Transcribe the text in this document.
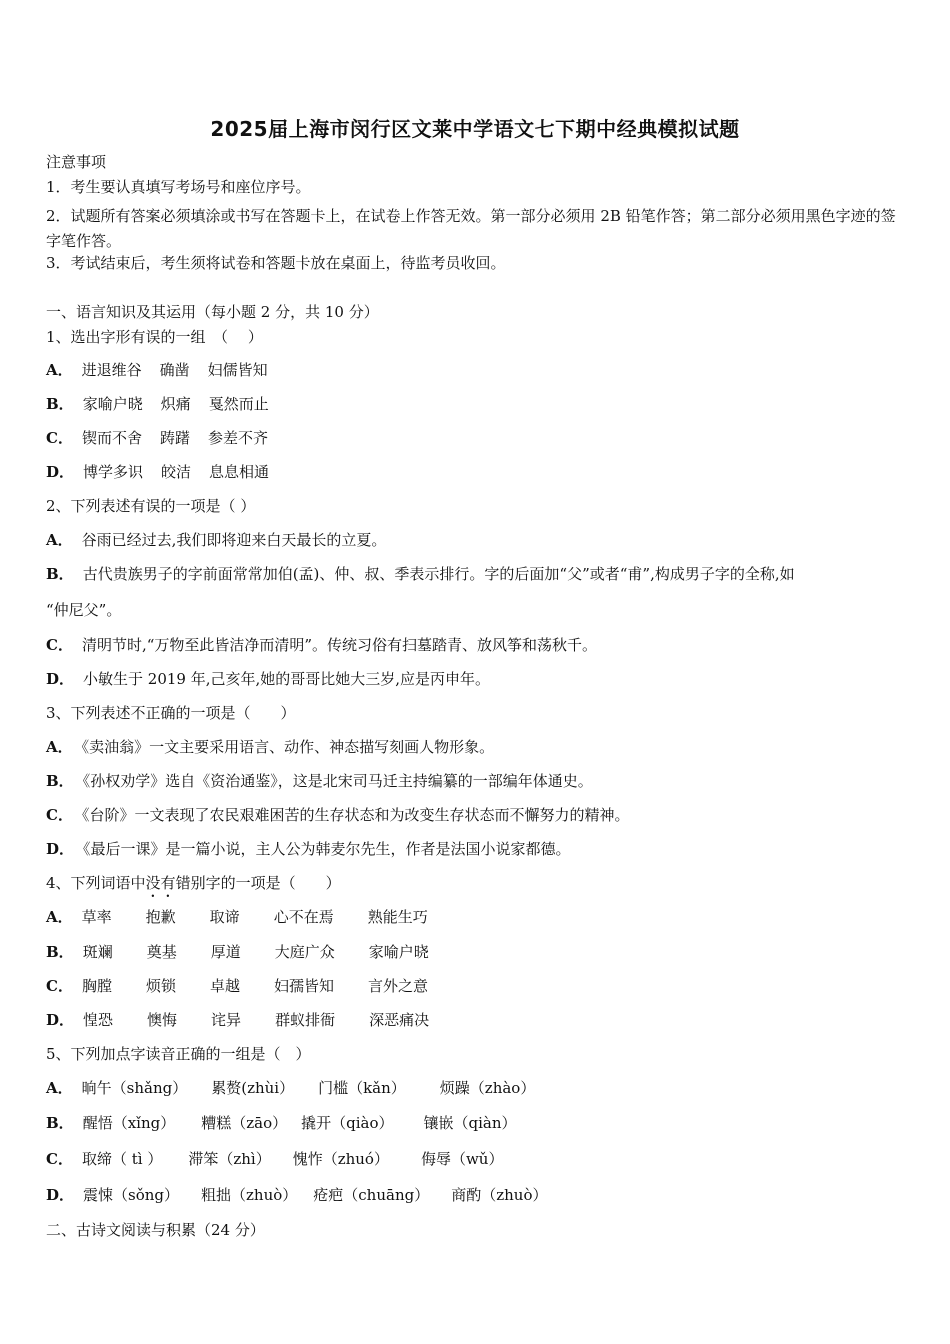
2025届上海市闵行区文莱中学语文七下期中经典模拟试题
注意事项
1．考生要认真填写考场号和座位序号。
2．试题所有答案必须填涂或书写在答题卡上，在试卷上作答无效。第一部分必须用 2B 铅笔作答；第二部分必须用黑色字迹的签字笔作答。
3．考试结束后，考生须将试卷和答题卡放在桌面上，待监考员收回。
一、语言知识及其运用（每小题 2 分，共 10 分）
1、选出字形有误的一组　（　 ）
A． 进退维谷 确凿 妇儒皆知
B． 家喻户晓 炽痛 戛然而止
C． 锲而不舍 踌躇 参差不齐
D． 博学多识 皎洁 息息相通
2、下列表述有误的一项是（ ）
A． 谷雨已经过去,我们即将迎来白天最长的立夏。
B． 古代贵族男子的字前面常常加伯(孟)、仲、叔、季表示排行。字的后面加“父”或者“甫”,构成男子字的全称,如
“仲尼父”。
C． 清明节时,“万物至此皆洁净而清明”。传统习俗有扫墓踏青、放风筝和荡秋千。
D． 小敏生于 2019 年,己亥年,她的哥哥比她大三岁,应是丙申年。
3、下列表述不正确的一项是（　　）
A． 《卖油翁》一文主要采用语言、动作、神态描写刻画人物形象。
B． 《孙权劝学》选自《资治通鉴》，这是北宋司马迁主持编纂的一部编年体通史。
C． 《台阶》一文表现了农民艰难困苦的生存状态和为改变生存状态而不懈努力的精神。
D． 《最后一课》是一篇小说，主人公为韩麦尔先生，作者是法国小说家都德。
4、下列词语中没有错别字的一项是（　　）
A． 草率 抱歉 取谛 心不在焉 熟能生巧
B． 斑斓 奠基 厚道 大庭广众 家喻户晓
C． 胸膛 烦锁 卓越 妇孺皆知 言外之意
D． 惶恐 懊悔 诧异 群蚁排衙 深恶痛决
5、下列加点字读音正确的一组是（　）
A． 晌午（shǎng） 累赘(zhùi） 门槛（kǎn） 烦躁（zhào）
B． 醒悟（xǐng） 糟糕（zāo） 撬开（qiào） 镶嵌（qiàn）
C． 取缔（ tì ） 滞笨（zhì） 愧怍（zhuó） 侮辱（wǔ）
D． 震悚（sǒng） 粗拙（zhuò） 疮疤（chuāng） 商酌（zhuò）
二、古诗文阅读与积累（24 分）
